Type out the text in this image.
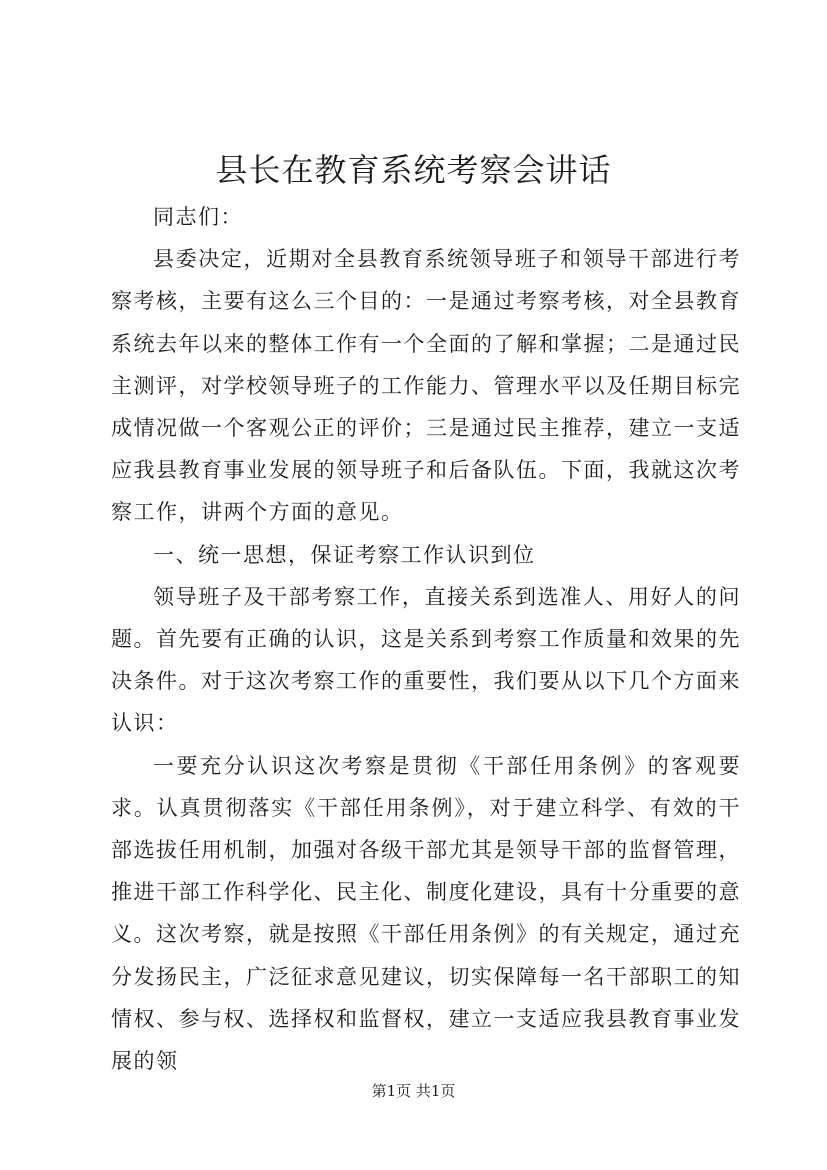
县长在教育系统考察会讲话

同志们：

县委决定，近期对全县教育系统领导班子和领导干部进行考察考核，主要有这么三个目的：一是通过考察考核，对全县教育系统去年以来的整体工作有一个全面的了解和掌握；二是通过民主测评，对学校领导班子的工作能力、管理水平以及任期目标完成情况做一个客观公正的评价；三是通过民主推荐，建立一支适应我县教育事业发展的领导班子和后备队伍。下面，我就这次考察工作，讲两个方面的意见。

一、统一思想，保证考察工作认识到位

领导班子及干部考察工作，直接关系到选准人、用好人的问题。首先要有正确的认识，这是关系到考察工作质量和效果的先决条件。对于这次考察工作的重要性，我们要从以下几个方面来认识：

一要充分认识这次考察是贯彻《干部任用条例》的客观要求。认真贯彻落实《干部任用条例》，对于建立科学、有效的干部选拔任用机制，加强对各级干部尤其是领导干部的监督管理，推进干部工作科学化、民主化、制度化建设，具有十分重要的意义。这次考察，就是按照《干部任用条例》的有关规定，通过充分发扬民主，广泛征求意见建议，切实保障每一名干部职工的知情权、参与权、选择权和监督权，建立一支适应我县教育事业发展的领

第1页 共1页
